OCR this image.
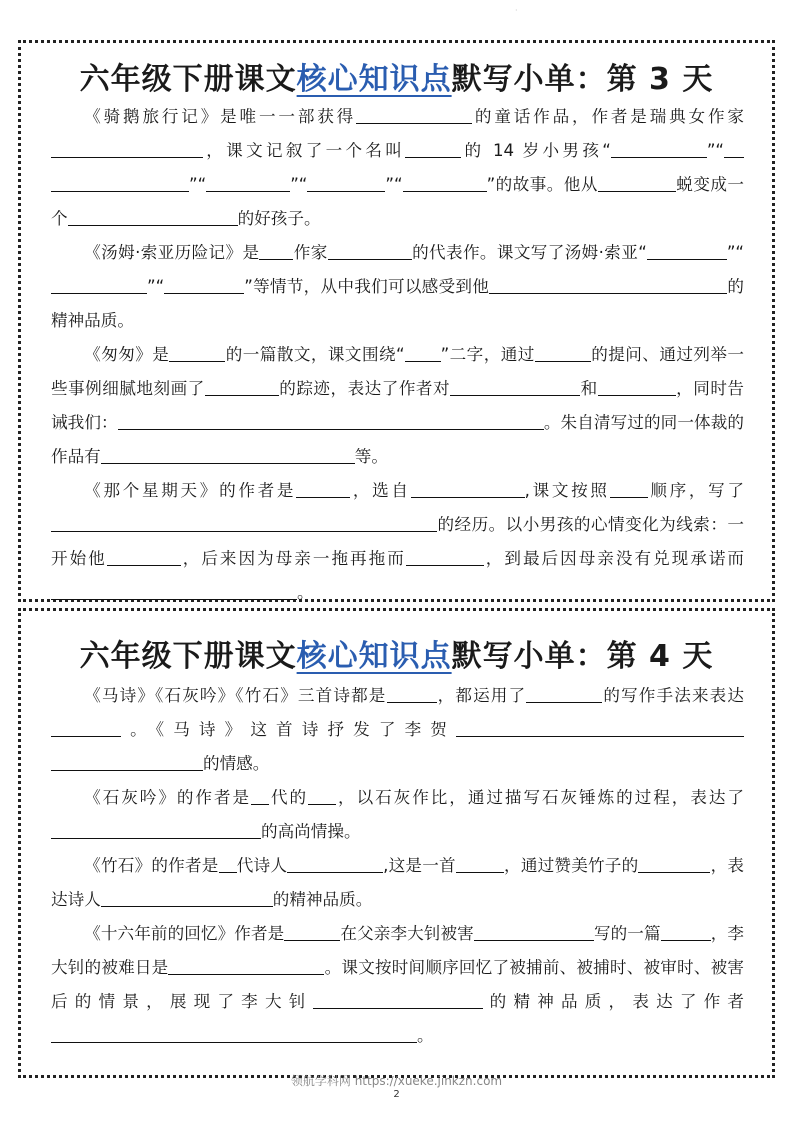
·
六年级下册课文核心知识点默写小单：第 3 天
《骑鹅旅行记》是唯一一部获得	的童话作品，作者是瑞典女作家，课文记叙了一个名叫	的 14 岁小男孩“	”“”“	”“	”“	”的故事。他从	蜕变成一个	的好孩子。
《汤姆·索亚历险记》是 作家	的代表作。课文写了汤姆·索亚“	”“”“	”等情节，从中我们可以感受到他	的精神品质。
《匆匆》是	的一篇散文，课文围绕“ ”二字，通过	的提问、通过列举一些事例细腻地刻画了	的踪迹，表达了作者对	和	，同时告诫我们：	。朱自清写过的同一体裁的作品有	等。
《那个星期天》的作者是	，选自	,课文按照 顺序，写了的经历。以小男孩的心情变化为线索：一开始他	，后来因为母亲一拖再拖而	，到最后因母亲没有兑现承诺而。
六年级下册课文核心知识点默写小单：第 4 天
《马诗》《石灰吟》《竹石》三首诗都是	，都运用了	的写作手法来表达。《马诗》这首诗抒发了李贺的情感。
《石灰吟》的作者是 代的 ，以石灰作比，通过描写石灰锤炼的过程，表达了的高尚情操。
《竹石》的作者是 代诗人	,这是一首	，通过赞美竹子的	，表达诗人	的精神品质。
《十六年前的回忆》作者是	在父亲李大钊被害	写的一篇	，李大钊的被难日是	。课文按时间顺序回忆了被捕前、被捕时、被审时、被害后的情景，展现了李大钊	的精神品质，表达了作者。
领航学科网 https://xueke.jinkzn.com
2
